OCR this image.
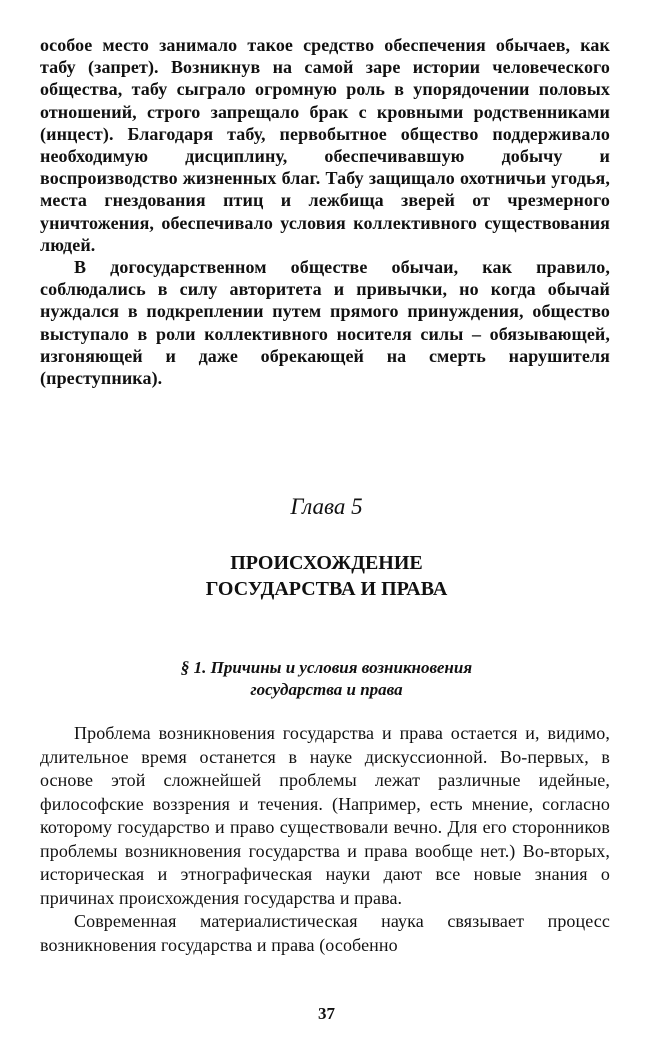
особое место занимало такое средство обеспечения обычаев, как табу (запрет). Возникнув на самой заре истории человеческого общества, табу сыграло огромную роль в упорядочении половых отношений, строго запрещало брак с кровными родственниками (инцест). Благодаря табу, первобытное общество поддерживало необходимую дисциплину, обеспечивавшую добычу и воспроизводство жизненных благ. Табу защищало охотничьи угодья, места гнездования птиц и лежбища зверей от чрезмерного уничтожения, обеспечивало условия коллективного существования людей.

В догосударственном обществе обычаи, как правило, соблюдались в силу авторитета и привычки, но когда обычай нуждался в подкреплении путем прямого принуждения, общество выступало в роли коллективного носителя силы – обязывающей, изгоняющей и даже обрекающей на смерть нарушителя (преступника).

Глава 5
ПРОИСХОЖДЕНИЕ
ГОСУДАРСТВА И ПРАВА
§ 1. Причины и условия возникновения
государства и права

Проблема возникновения государства и права остается и, видимо, длительное время останется в науке дискуссионной. Во-первых, в основе этой сложнейшей проблемы лежат различные идейные, философские воззрения и течения. (Например, есть мнение, согласно которому государство и право существовали вечно. Для его сторонников проблемы возникновения государства и права вообще нет.) Во-вторых, историческая и этнографическая науки дают все новые знания о причинах происхождения государства и права.

Современная материалистическая наука связывает процесс возникновения государства и права (особенно

37
